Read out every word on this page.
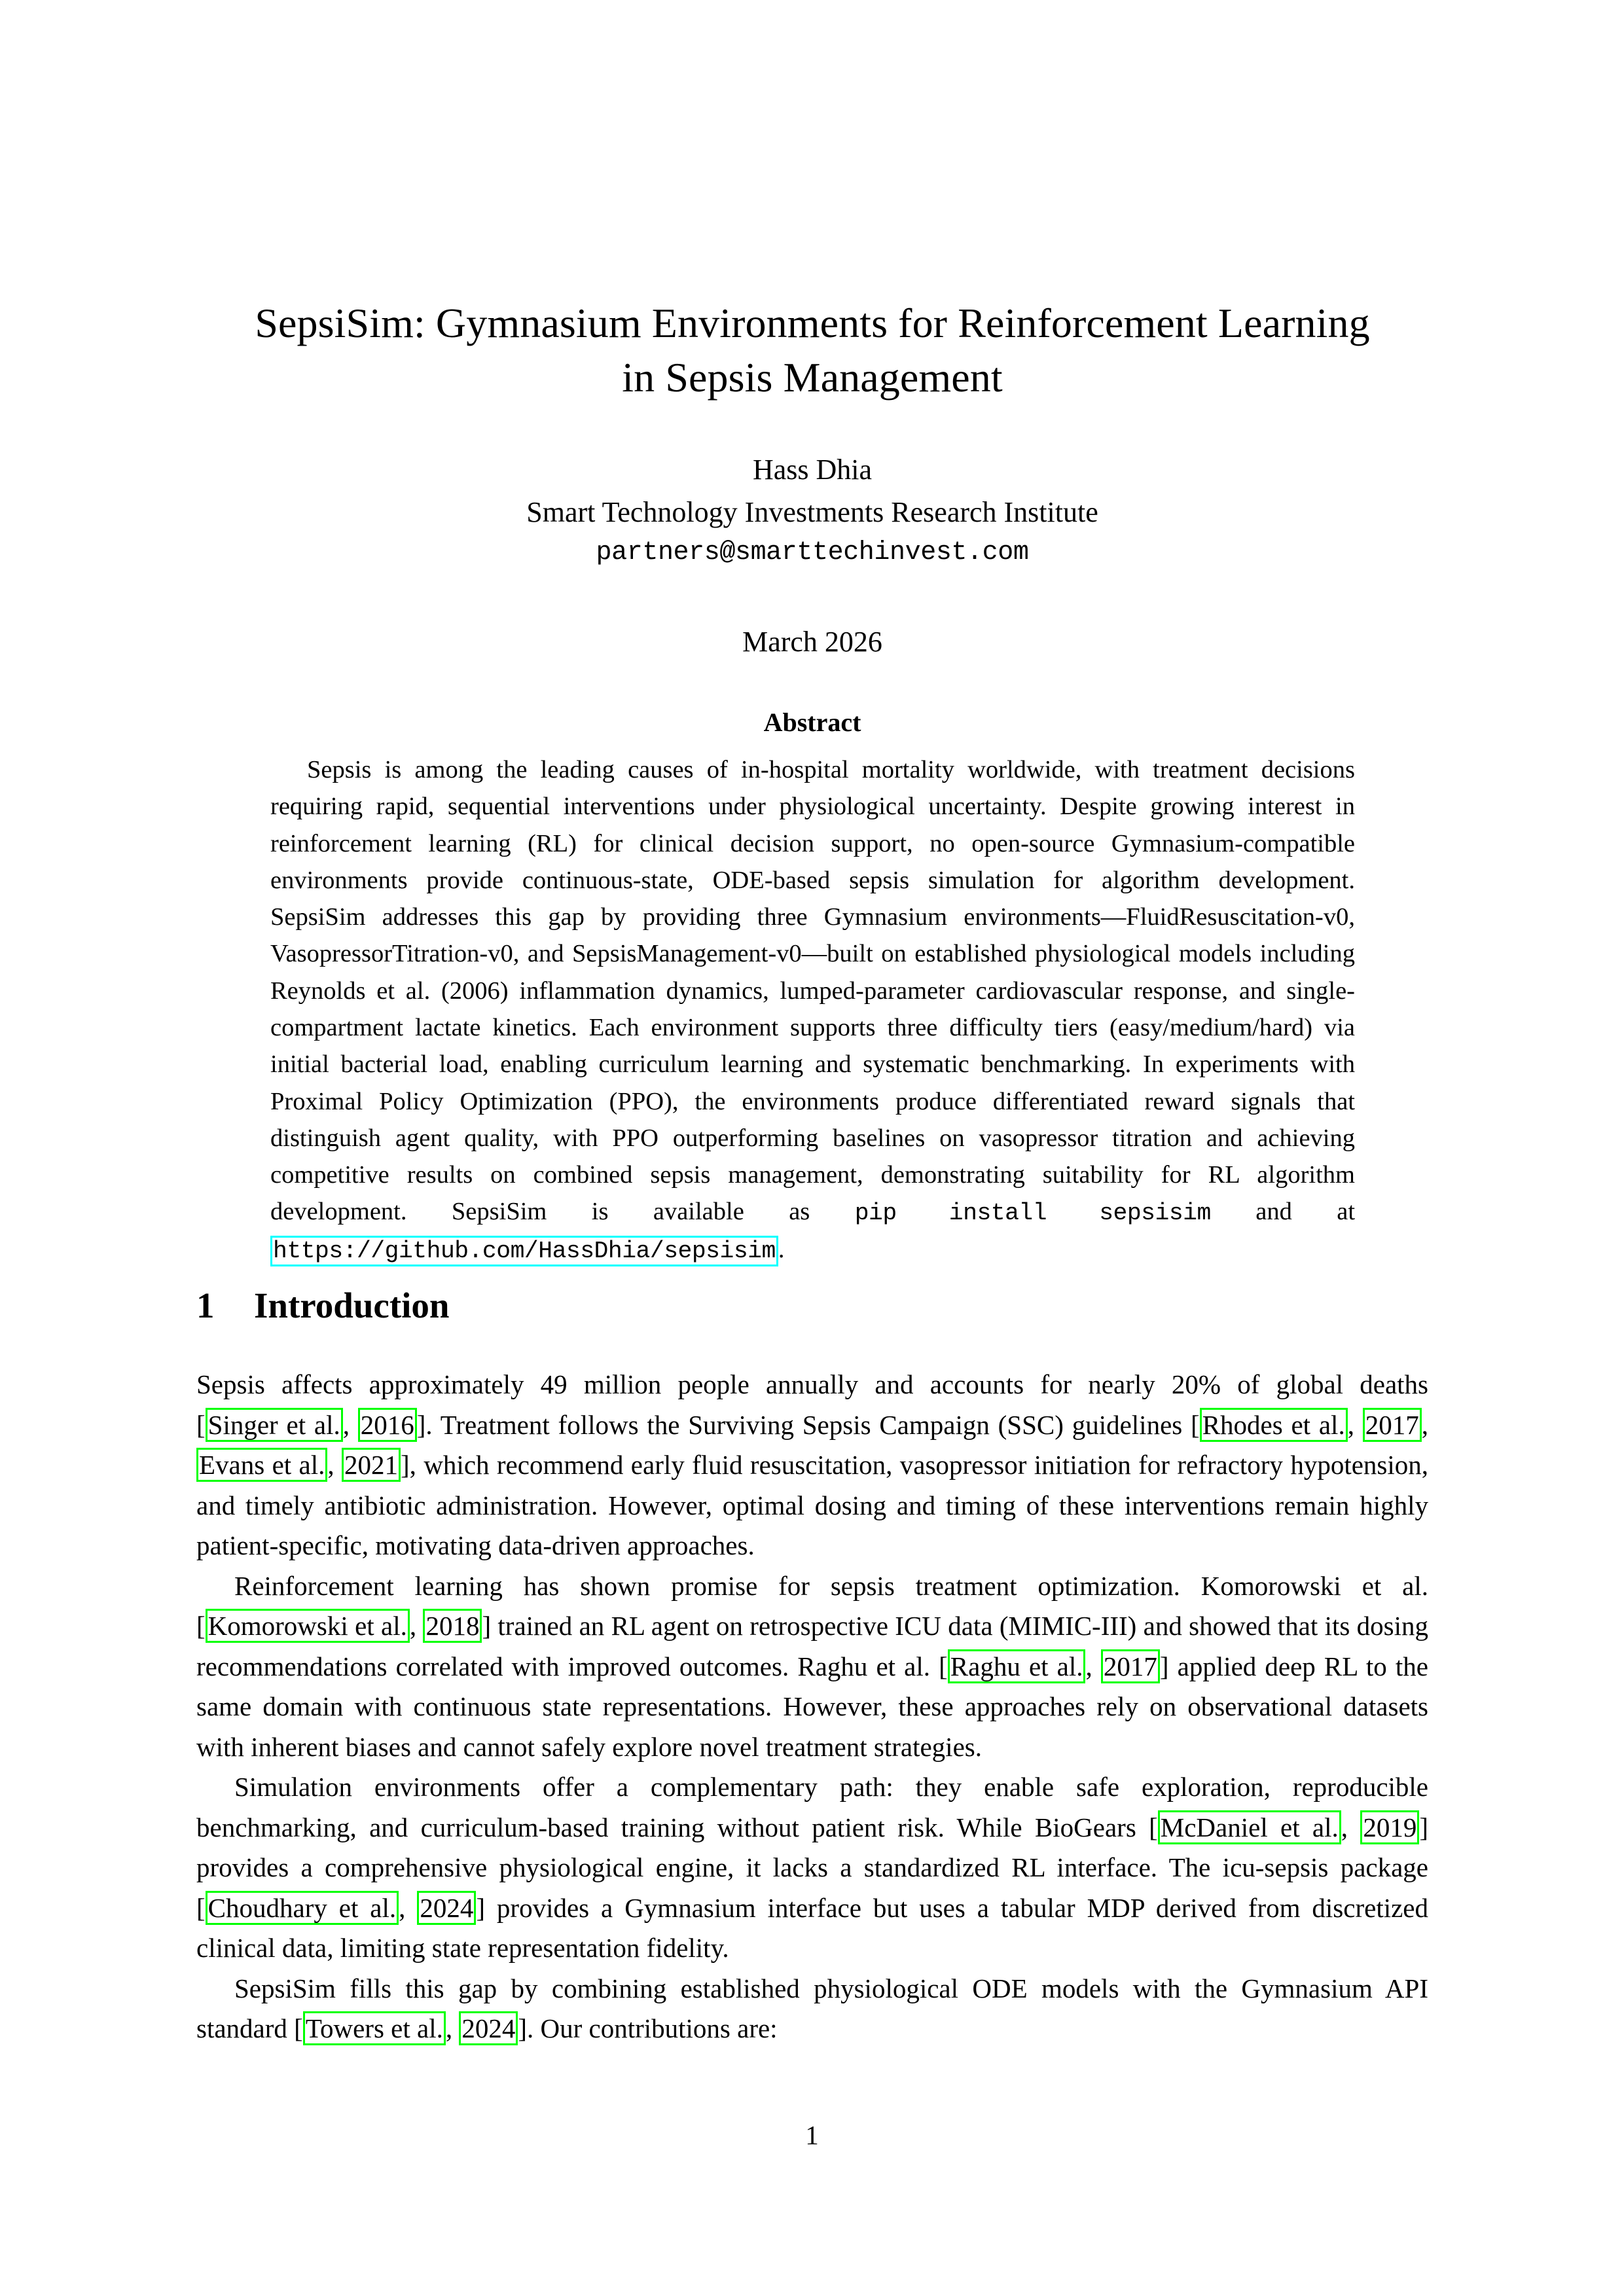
SepsiSim: Gymnasium Environments for Reinforcement Learning
in Sepsis Management
Hass Dhia
Smart Technology Investments Research Institute
partners@smarttechinvest.com
March 2026
Abstract
Sepsis is among the leading causes of in-hospital mortality worldwide, with treatment decisions requiring rapid, sequential interventions under physiological uncertainty. Despite growing interest in reinforcement learning (RL) for clinical decision support, no open-source Gymnasium-compatible environments provide continuous-state, ODE-based sepsis simulation for algorithm development. SepsiSim addresses this gap by providing three Gymnasium environments—FluidResuscitation-v0, VasopressorTitration-v0, and SepsisManagement-v0—built on established physiological models including Reynolds et al. (2006) inflammation dynamics, lumped-parameter cardiovascular response, and single-compartment lactate kinetics. Each environment supports three difficulty tiers (easy/medium/hard) via initial bacterial load, enabling curriculum learning and systematic benchmarking. In experiments with Proximal Policy Optimization (PPO), the environments produce differentiated reward signals that distinguish agent quality, with PPO outperforming baselines on vasopressor titration and achieving competitive results on combined sepsis management, demonstrating suitability for RL algorithm development. SepsiSim is available as pip install sepsisim and at https://github.com/HassDhia/sepsisim .
1 Introduction

Sepsis affects approximately 49 million people annually and accounts for nearly 20% of global deaths [Singer et al., 2016]. Treatment follows the Surviving Sepsis Campaign (SSC) guidelines [Rhodes et al., 2017, Evans et al., 2021], which recommend early fluid resuscitation, vasopressor initiation for refractory hypotension, and timely antibiotic administration. However, optimal dosing and timing of these interventions remain highly patient-specific, motivating data-driven approaches.

Reinforcement learning has shown promise for sepsis treatment optimization. Komorowski et al. [Komorowski et al., 2018] trained an RL agent on retrospective ICU data (MIMIC-III) and showed that its dosing recommendations correlated with improved outcomes. Raghu et al. [Raghu et al., 2017] applied deep RL to the same domain with continuous state representations. However, these approaches rely on observational datasets with inherent biases and cannot safely explore novel treatment strategies.

Simulation environments offer a complementary path: they enable safe exploration, reproducible benchmarking, and curriculum-based training without patient risk. While BioGears [McDaniel et al., 2019] provides a comprehensive physiological engine, it lacks a standardized RL interface. The icu-sepsis package [Choudhary et al., 2024] provides a Gymnasium interface but uses a tabular MDP derived from discretized clinical data, limiting state representation fidelity.

SepsiSim fills this gap by combining established physiological ODE models with the Gymnasium API standard [Towers et al., 2024]. Our contributions are:

1
